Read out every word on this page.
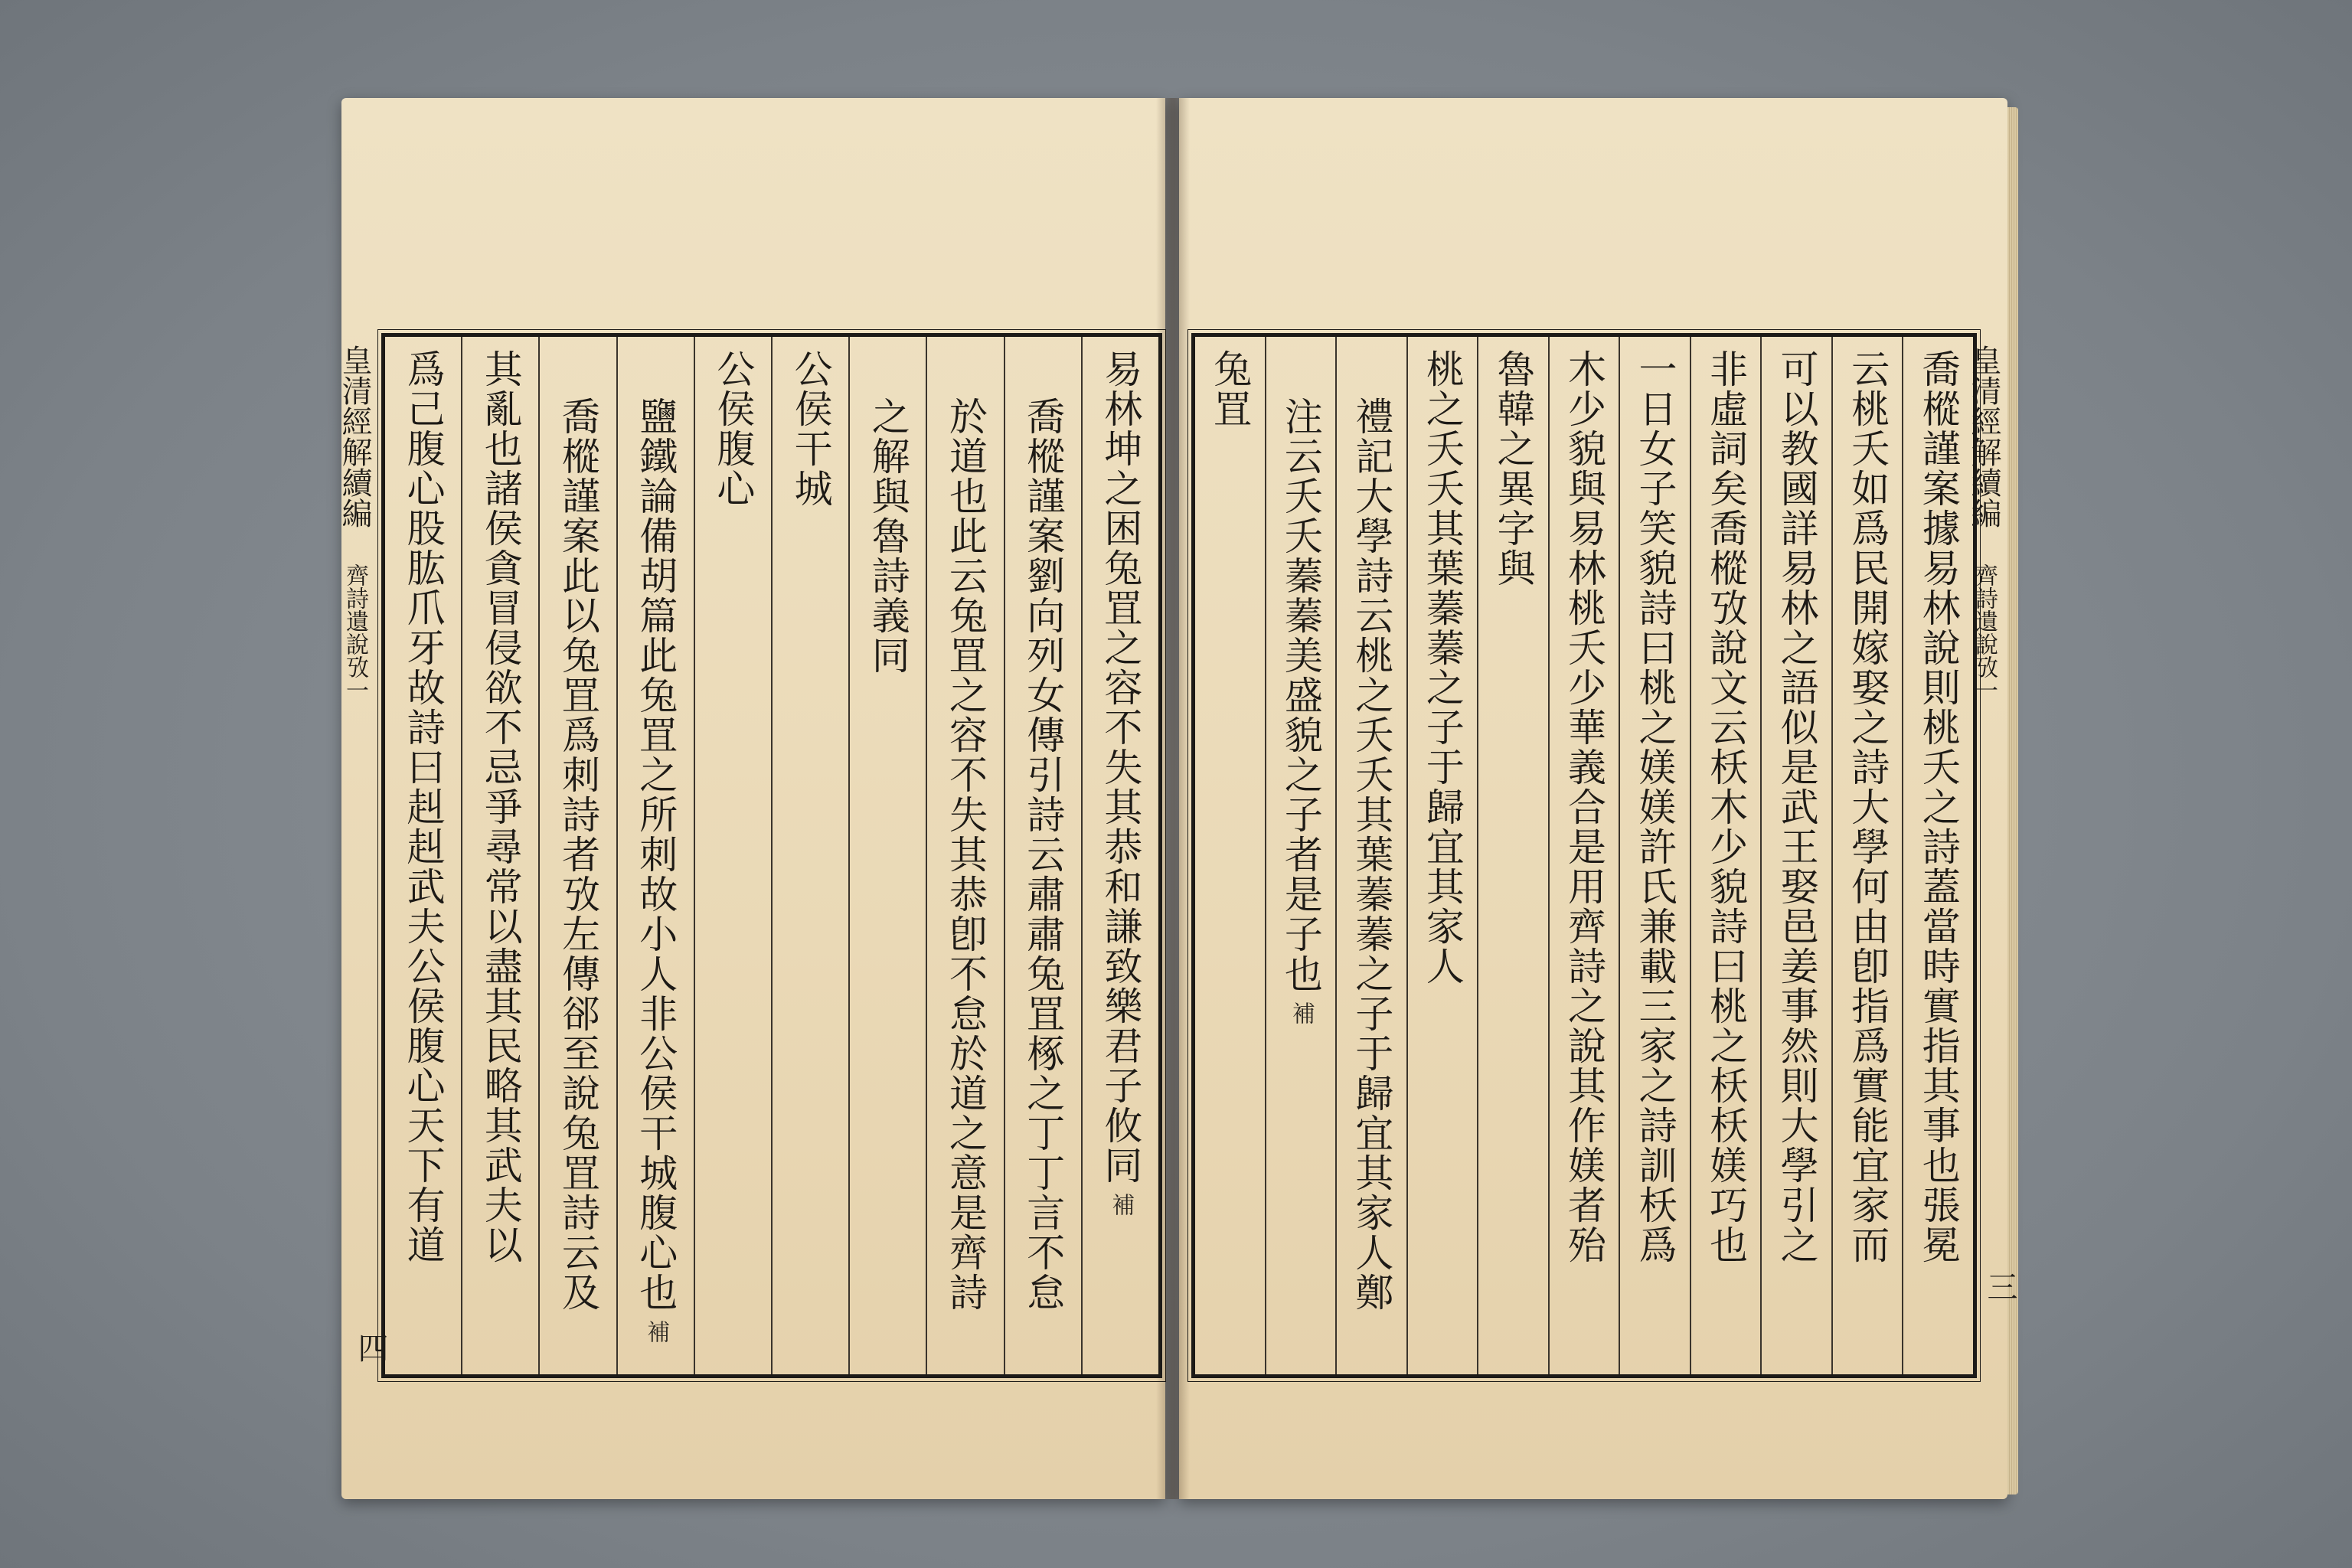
皇清經解續編 齊詩遺說攷一
四
易林坤之困兔罝之容不失其恭和謙致樂君子攸同
補
喬樅謹案劉向列女傳引詩云肅肅兔罝椓之丁丁言不怠
於道也此云兔罝之容不失其恭卽不怠於道之意是齊詩
之解與魯詩義同
公侯干城
公侯腹心
鹽鐵論備胡篇此兔罝之所刺故小人非公侯干城腹心也
補
喬樅謹案此以兔罝爲刺詩者攷左傳郤至說兔罝詩云及
其亂也諸侯貪冒侵欲不忌爭尋常以盡其民略其武夫以
爲己腹心股肱爪牙故詩曰赳赳武夫公侯腹心天下有道	皇清經解續編 齊詩遺說攷一
三
喬樅謹案據易林說則桃夭之詩蓋當時實指其事也張冕
云桃夭如爲民開嫁娶之詩大學何由卽指爲實能宜家而
可以教國詳易林之語似是武王娶邑姜事然則大學引之
非虛詞矣喬樅攷說文云枖木少貌詩曰桃之枖枖媄巧也
一日女子笑貌詩曰桃之媄媄許氏兼載三家之詩訓枖爲
木少貌與易林桃夭少華義合是用齊詩之說其作媄者殆
魯韓之異字與
桃之夭夭其葉蓁蓁之子于歸宜其家人
禮記大學詩云桃之夭夭其葉蓁蓁之子于歸宜其家人鄭
注云夭夭蓁蓁美盛貌之子者是子也
補
兔罝
